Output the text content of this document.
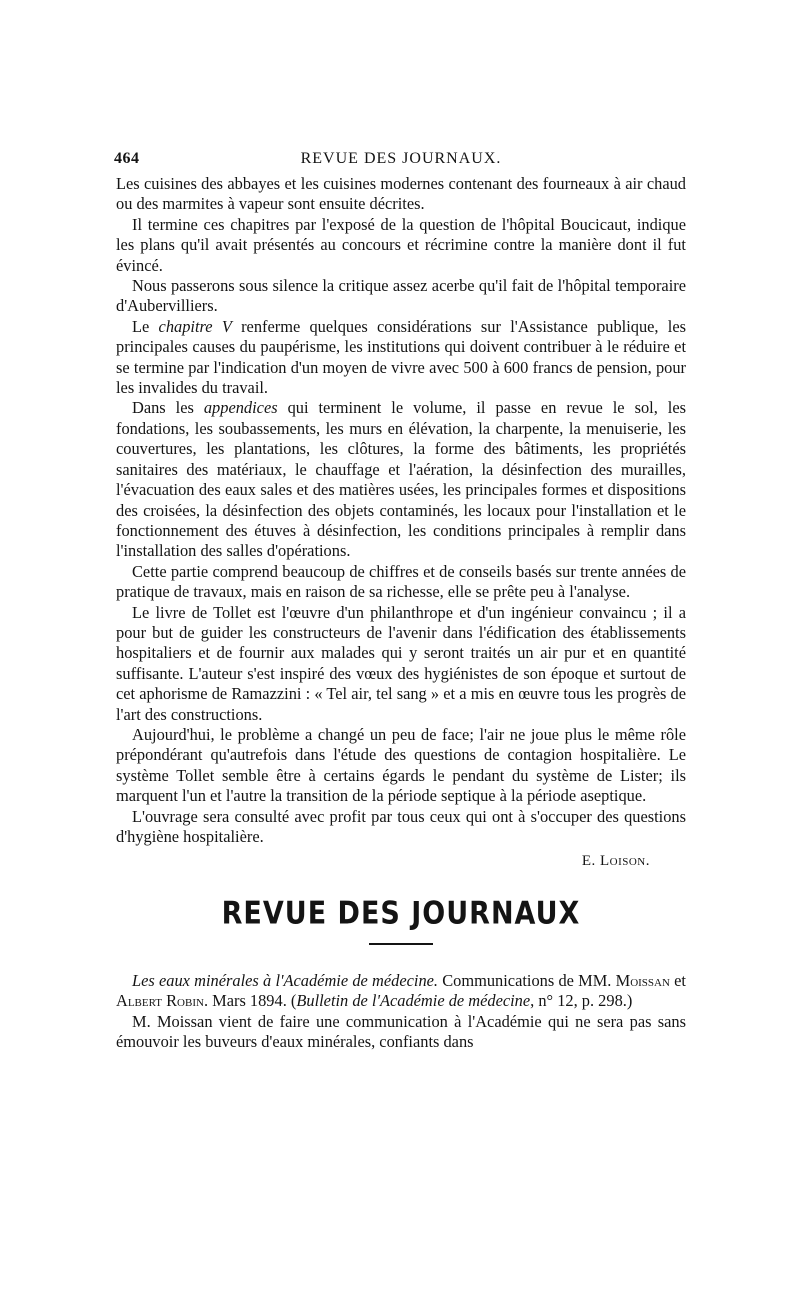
464	REVUE DES JOURNAUX.

Les cuisines des abbayes et les cuisines modernes contenant des fourneaux à air chaud ou des marmites à vapeur sont ensuite décrites.

Il termine ces chapitres par l'exposé de la question de l'hôpital Boucicaut, indique les plans qu'il avait présentés au concours et récrimine contre la manière dont il fut évincé.

Nous passerons sous silence la critique assez acerbe qu'il fait de l'hôpital temporaire d'Aubervilliers.

Le chapitre V renferme quelques considérations sur l'Assistance publique, les principales causes du paupérisme, les institutions qui doivent contribuer à le réduire et se termine par l'indication d'un moyen de vivre avec 500 à 600 francs de pension, pour les invalides du travail.

Dans les appendices qui terminent le volume, il passe en revue le sol, les fondations, les soubassements, les murs en élévation, la charpente, la menuiserie, les couvertures, les plantations, les clôtures, la forme des bâtiments, les propriétés sanitaires des matériaux, le chauffage et l'aération, la désinfection des murailles, l'évacuation des eaux sales et des matières usées, les principales formes et dispositions des croisées, la désinfection des objets contaminés, les locaux pour l'installation et le fonctionnement des étuves à désinfection, les conditions principales à remplir dans l'installation des salles d'opérations.

Cette partie comprend beaucoup de chiffres et de conseils basés sur trente années de pratique de travaux, mais en raison de sa richesse, elle se prête peu à l'analyse.

Le livre de Tollet est l'œuvre d'un philanthrope et d'un ingénieur convaincu ; il a pour but de guider les constructeurs de l'avenir dans l'édification des établissements hospitaliers et de fournir aux malades qui y seront traités un air pur et en quantité suffisante. L'auteur s'est inspiré des vœux des hygiénistes de son époque et surtout de cet aphorisme de Ramazzini : « Tel air, tel sang » et a mis en œuvre tous les progrès de l'art des constructions.

Aujourd'hui, le problème a changé un peu de face; l'air ne joue plus le même rôle prépondérant qu'autrefois dans l'étude des questions de contagion hospitalière. Le système Tollet semble être à certains égards le pendant du système de Lister; ils marquent l'un et l'autre la transition de la période septique à la période aseptique.

L'ouvrage sera consulté avec profit par tous ceux qui ont à s'occuper des questions d'hygiène hospitalière.

E. Loison.
REVUE DES JOURNAUX

Les eaux minérales à l'Académie de médecine. Communications de MM. Moissan et Albert Robin. Mars 1894. (Bulletin de l'Académie de médecine, n° 12, p. 298.)

M. Moissan vient de faire une communication à l'Académie qui ne sera pas sans émouvoir les buveurs d'eaux minérales, confiants dans
